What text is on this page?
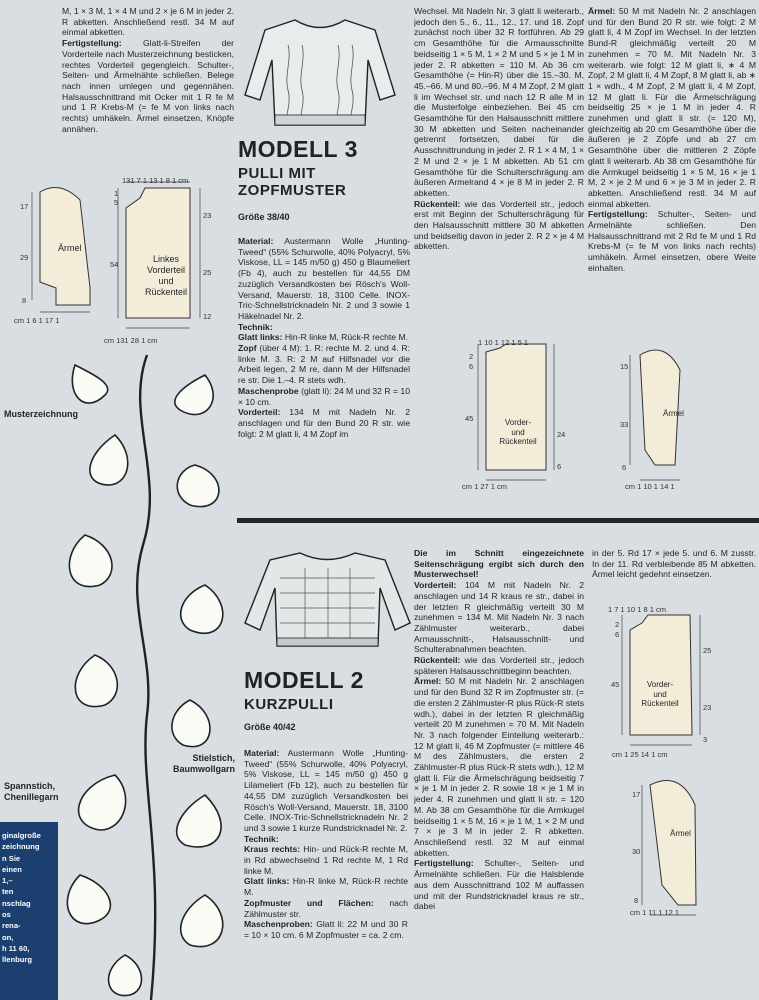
M, 1 × 3 M, 1 × 4 M und 2 × je 6 M in jeder 2. R abketten. Anschließend restl. 34 M auf einmal abketten.

Fertigstellung: Glatt-li-Streifen der Vorderteile nach Musterzeichnung besticken, rechtes Vorderteil gegengleich. Schulter-, Seiten- und Ärmelnähte schließen. Belege nach innen umlegen und gegennähen. Halsausschnittrand mit Ocker mit 1 R fe M und 1 R Krebs-M (= fe M von links nach rechts) umhäkeln. Ärmel einsetzen, Knöpfe annähen.

Ärmel
Linkes
Vorderteil
und
Rückenteil
17
29
8
cm 1 6 1 17 1
131 7 1 13 1 8 1 cm
1
5
23
54
25
12
cm 131 28 1 cm
Musterzeichnung
Stielstich,
Baumwollgarn
Spannstich,
Chenillegarn
ginalgroße
zeichnung
n Sie
einen
1,–
ten
nschlag
os
rena-
on,
h 11 60,
llenburg
MODELL 3
PULLI MIT
ZOPFMUSTER
Größe 38/40

Material: Austermann Wolle „Hunting-Tweed“ (55% Schurwolle, 40% Polyacryl, 5% Viskose, LL = 145 m/50 g) 450 g Blaumeliert (Fb 4), auch zu bestellen für 44,55 DM zuzüglich Versandkosten bei Rösch's Woll-Versand, Mauerstr. 18, 3100 Celle. INOX-Tric-Schnellstricknadeln Nr. 2 und 3 sowie 1 Häkelnadel Nr. 2.

Technik:

Glatt links: Hin-R linke M, Rück-R rechte M.

Zopf (über 4 M): 1. R: rechte M. 2. und 4. R: linke M. 3. R: 2 M auf Hilfsnadel vor die Arbeit legen, 2 M re, dann M der Hilfsnadel re str. Die 1.–4. R stets wdh.

Maschenprobe (glatt li): 24 M und 32 R = 10 × 10 cm.

Vorderteil: 134 M mit Nadeln Nr. 2 anschlagen und für den Bund 20 R str. wie folgt: 2 M glatt li, 4 M Zopf im

Wechsel. Mit Nadeln Nr. 3 glatt li weiterarb., jedoch den 5., 6., 11., 12., 17. und 18. Zopf zunächst noch über 32 R fortführen. Ab 29 cm Gesamthöhe für die Armausschnitte beidseitig 1 × 5 M, 1 × 2 M und 5 × je 1 M in jeder 2. R abketten = 110 M. Ab 36 cm Gesamthöhe (= Hin-R) über die 15.–30. M, 45.–66. M und 80.–96. M 4 M Zopf, 2 M glatt li im Wechsel str. und nach 12 R alle M in die Musterfolge einbeziehen. Bei 45 cm Gesamthöhe für den Halsausschnitt mittlere 30 M abketten und Seiten nacheinander getrennt fortsetzen, dabei für die Ausschnittrundung in jeder 2. R 1 × 4 M, 1 × 2 M und 2 × je 1 M abketten. Ab 51 cm Gesamthöhe für die Schulterschrägung am äußeren Armelrand 4 × je 8 M in jeder 2. R abketten.

Rückenteil: wie das Vorderteil str., jedoch erst mit Beginn der Schulterschrägung für den Halsausschnitt mittlere 30 M abketten und beidseitig davon in jeder 2. R 2 × je 4 M abketten.

Ärmel: 50 M mit Nadeln Nr. 2 anschlagen und für den Bund 20 R str. wie folgt: 2 M glatt li, 4 M Zopf im Wechsel. In der letzten Bund-R gleichmäßig verteilt 20 M zunehmen = 70 M. Mit Nadeln Nr. 3 weiterarb. wie folgt: 12 M glatt li, ∗ 4 M Zopf, 2 M glatt li, 4 M Zopf, 8 M glatt li, ab ∗ 1 × wdh., 4 M Zopf, 2 M glatt li, 4 M Zopf, 12 M glatt li. Für die Ärmelschrägung beidseitig 25 × je 1 M in jeder 4. R zunehmen und glatt li str. (= 120 M), gleichzeitig ab 20 cm Gesamthöhe über die äußeren je 2 Zöpfe und ab 27 cm Gesamthöhe über die mittleren 2 Zöpfe glatt li weiterarb. Ab 38 cm Gesamthöhe für die Armkugel beidseitig 1 × 5 M, 16 × je 1 M, 2 × je 2 M und 6 × je 3 M in jeder 2. R abketten. Anschließend restl. 34 M auf einmal abketten.

Fertigstellung: Schulter-, Seiten- und Ärmelnähte schließen. Den Halsausschnittrand mit 2 Rd fe M und 1 Rd Krebs-M (= fe M von links nach rechts) umhäkeln. Ärmel einsetzen, obere Weite einhalten.

1 10 1 12 1 5 1
2
6
45
24
6
cm 1 27 1 cm
Vorder-
und
Rückenteil
Ärmel
15
33
6
cm 1 10 1 14 1
MODELL 2
KURZPULLI
Größe 40/42

Material: Austermann Wolle „Hunting-Tweed“ (55% Schurwolle, 40% Polyacryl, 5% Viskose, LL = 145 m/50 g) 450 g Lilameliert (Fb 12), auch zu bestellen für 44,55 DM zuzüglich Versandkosten bei Rösch's Woll-Versand, Mauerstr. 18, 3100 Celle. INOX-Tric-Schnellstricknadeln Nr. 2 und 3 sowie 1 kurze Rundstricknadel Nr. 2.

Technik:

Kraus rechts: Hin- und Rück-R rechte M, in Rd abwechselnd 1 Rd rechte M, 1 Rd linke M.

Glatt links: Hin-R linke M, Rück-R rechte M.

Zopfmuster und Flächen: nach Zählmuster str.

Maschenproben: Glatt li: 22 M und 30 R = 10 × 10 cm. 6 M Zopfmuster = ca. 2 cm.

Die im Schnitt eingezeichnete Seitenschrägung ergibt sich durch den Musterwechsel!

Vorderteil: 104 M mit Nadeln Nr. 2 anschlagen und 14 R kraus re str., dabei in der letzten R gleichmäßig verteilt 30 M zunehmen = 134 M. Mit Nadeln Nr. 3 nach Zählmuster weiterarb., dabei Armausschnitt-, Halsausschnitt- und Schulterabnahmen beachten.

Rückenteil: wie das Vorderteil str., jedoch späteren Halsausschnittbeginn beachten.

Ärmel: 50 M mit Nadeln Nr. 2 anschlagen und für den Bund 32 R im Zopfmuster str. (= die ersten 2 Zählmuster-R plus Rück-R stets wdh.), dabei in der letzten R gleichmäßig verteilt 20 M zunehmen = 70 M. Mit Nadeln Nr. 3 nach folgender Einteilung weiterarb.: 12 M glatt li, 46 M Zopfmuster (= mittlere 46 M des Zählmusters, die ersten 2 Zählmuster-R plus Rück-R stets wdh.), 12 M glatt li. Für die Ärmelschrägung beidseitig 7 × je 1 M in jeder 2. R sowie 18 × je 1 M in jeder 4. R zunehmen und glatt li str. = 120 M. Ab 38 cm Gesamthöhe für die Armkugel beidseitig 1 × 5 M, 16 × je 1 M, 1 × 2 M und 7 × je 3 M in jeder 2. R abketten. Anschließend restl. 32 M auf einmal abketten.

Fertigstellung: Schulter-, Seiten- und Ärmelnähte schließen. Für die Halsblende aus dem Ausschnittrand 102 M auffassen und mit der Rundstricknadel kraus re str., dabei

in der 5. Rd 17 × jede 5. und 6. M zusstr. In der 11. Rd verbleibende 85 M abketten. Ärmel leicht gedehnt einsetzen.

1 7 1 10 1 8 1 cm
2
6
25
45
23
3
cm 1 25 14 1 cm
Vorder-
und
Rückenteil
Ärmel
17
30
8
cm 1 11 1 12 1
